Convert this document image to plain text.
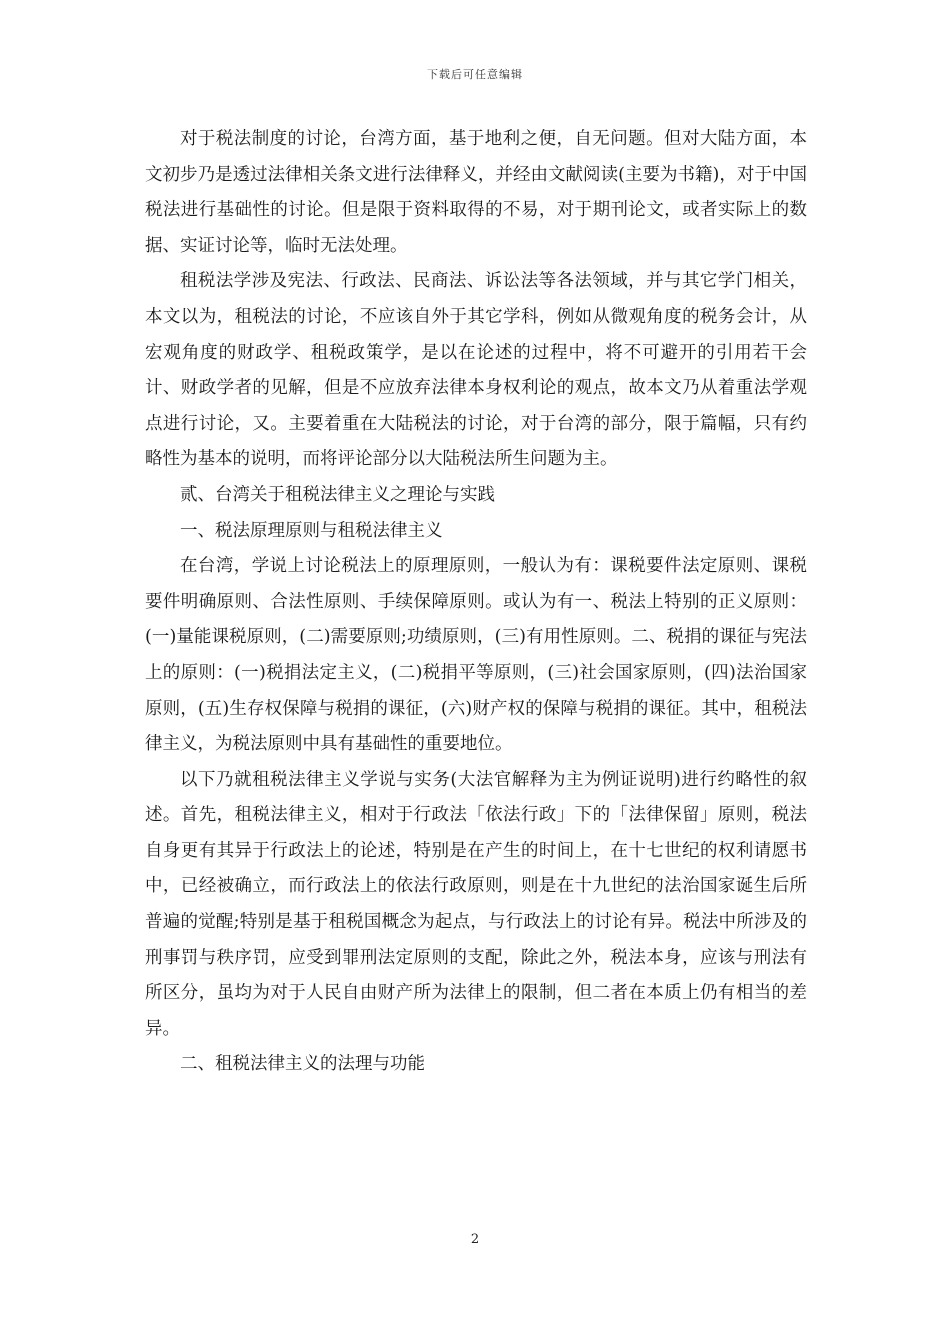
下载后可任意编辑

对于税法制度的讨论，台湾方面，基于地利之便，自无问题。但对大陆方面，本文初步乃是透过法律相关条文进行法律释义，并经由文献阅读(主要为书籍)，对于中国税法进行基础性的讨论。但是限于资料取得的不易，对于期刊论文，或者实际上的数据、实证讨论等，临时无法处理。

租税法学涉及宪法、行政法、民商法、诉讼法等各法领域，并与其它学门相关，本文以为，租税法的讨论，不应该自外于其它学科，例如从微观角度的税务会计，从宏观角度的财政学、租税政策学，是以在论述的过程中，将不可避开的引用若干会计、财政学者的见解，但是不应放弃法律本身权利论的观点，故本文乃从着重法学观点进行讨论，又。主要着重在大陆税法的讨论，对于台湾的部分，限于篇幅，只有约略性为基本的说明，而将评论部分以大陆税法所生问题为主。

贰、台湾关于租税法律主义之理论与实践

一、税法原理原则与租税法律主义

在台湾，学说上讨论税法上的原理原则，一般认为有：课税要件法定原则、课税要件明确原则、合法性原则、手续保障原则。或认为有一、税法上特别的正义原则：(一)量能课税原则，(二)需要原则;功绩原则，(三)有用性原则。二、税捐的课征与宪法上的原则：(一)税捐法定主义，(二)税捐平等原则，(三)社会国家原则，(四)法治国家原则，(五)生存权保障与税捐的课征，(六)财产权的保障与税捐的课征。其中，租税法律主义，为税法原则中具有基础性的重要地位。

以下乃就租税法律主义学说与实务(大法官解释为主为例证说明)进行约略性的叙述。首先，租税法律主义，相对于行政法「依法行政」下的「法律保留」原则，税法自身更有其异于行政法上的论述，特别是在产生的时间上，在十七世纪的权利请愿书中，已经被确立，而行政法上的依法行政原则，则是在十九世纪的法治国家诞生后所普遍的觉醒;特别是基于租税国概念为起点，与行政法上的讨论有异。税法中所涉及的刑事罚与秩序罚，应受到罪刑法定原则的支配，除此之外，税法本身，应该与刑法有所区分，虽均为对于人民自由财产所为法律上的限制，但二者在本质上仍有相当的差异。

二、租税法律主义的法理与功能

2
